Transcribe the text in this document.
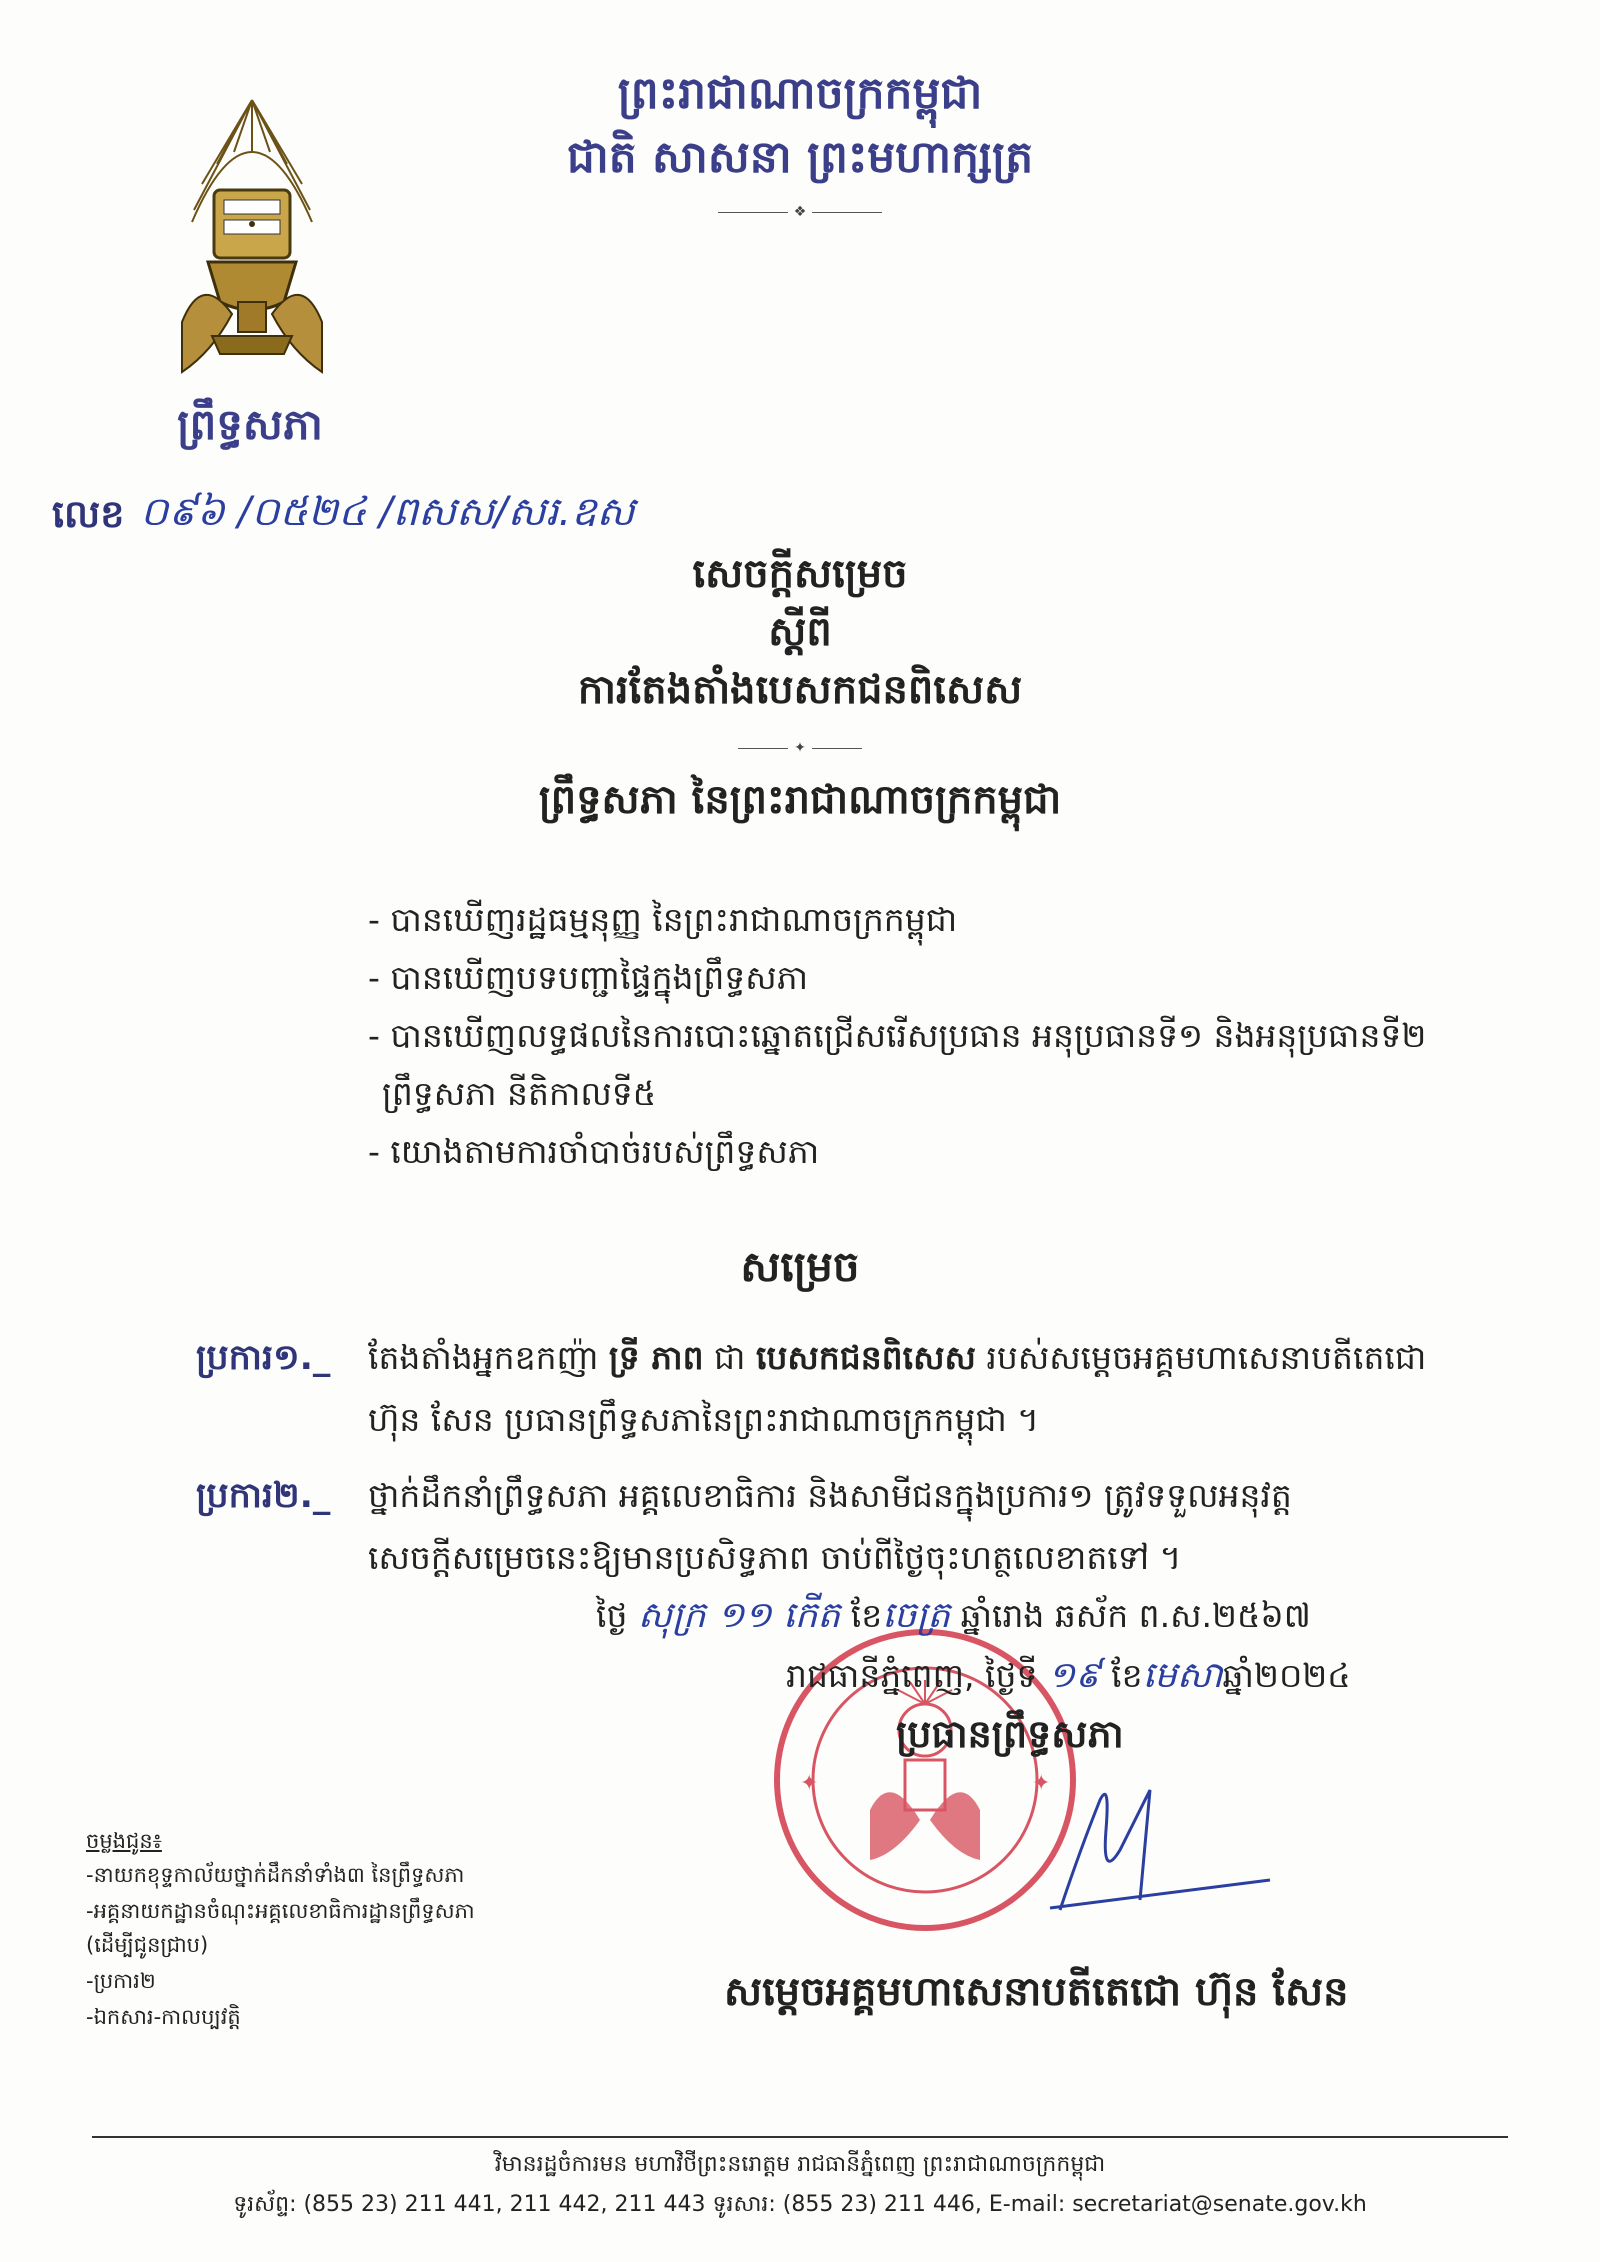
ព្រឹទ្ធសភា
ព្រះរាជាណាចក្រកម្ពុជា
ជាតិ សាសនា ព្រះមហាក្សត្រ
❖
លេខ ០៩៦ /០៥២៤ /ពសស/សរ.ឧស
សេចក្ដីសម្រេច
ស្ដីពី
ការតែងតាំងបេសកជនពិសេស
✦
ព្រឹទ្ធសភា នៃព្រះរាជាណាចក្រកម្ពុជា
- បានឃើញរដ្ឋធម្មនុញ្ញ នៃព្រះរាជាណាចក្រកម្ពុជា
- បានឃើញបទបញ្ជាផ្ទៃក្នុងព្រឹទ្ធសភា
- បានឃើញលទ្ធផលនៃការបោះឆ្នោតជ្រើសរើសប្រធាន អនុប្រធានទី១ និងអនុប្រធានទី២
ព្រឹទ្ធសភា នីតិកាលទី៥
- យោងតាមការចាំបាច់របស់ព្រឹទ្ធសភា
សម្រេច
ប្រការ១._ តែងតាំងអ្នកឧកញ៉ា ទ្រី ភាព ជា បេសកជនពិសេស របស់សម្ដេចអគ្គមហាសេនាបតីតេជោ
ហ៊ុន សែន ប្រធានព្រឹទ្ធសភានៃព្រះរាជាណាចក្រកម្ពុជា ។
ប្រការ២._ ថ្នាក់ដឹកនាំព្រឹទ្ធសភា អគ្គលេខាធិការ និងសាមីជនក្នុងប្រការ១ ត្រូវទទួលអនុវត្ត
សេចក្ដីសម្រេចនេះឱ្យមានប្រសិទ្ធភាព ចាប់ពីថ្ងៃចុះហត្ថលេខាតទៅ ។
✦	✦
ថ្ងៃ សុក្រ ១១ កើត ខែចេត្រ ឆ្នាំរោង ឆស័ក ព.ស.២៥៦៧
រាជធានីភ្នំពេញ, ថ្ងៃទី ១៩ ខែមេសាឆ្នាំ២០២៤
ប្រធានព្រឹទ្ធសភា
សម្ដេចអគ្គមហាសេនាបតីតេជោ ហ៊ុន សែន
ចម្លងជូន៖
-នាយកខុទ្ទកាល័យថ្នាក់ដឹកនាំទាំង៣ នៃព្រឹទ្ធសភា
-អគ្គនាយកដ្ឋានចំណុះអគ្គលេខាធិការដ្ឋានព្រឹទ្ធសភា
(ដើម្បីជូនជ្រាប)
-ប្រការ២
-ឯកសារ-កាលប្បវត្តិ
វិមានរដ្ឋចំការមន មហាវិថីព្រះនរោត្តម រាជធានីភ្នំពេញ ព្រះរាជាណាចក្រកម្ពុជា
ទូរស័ព្ទ: (855 23) 211 441, 211 442, 211 443 ទូរសារ: (855 23) 211 446, E-mail: secretariat@senate.gov.kh
